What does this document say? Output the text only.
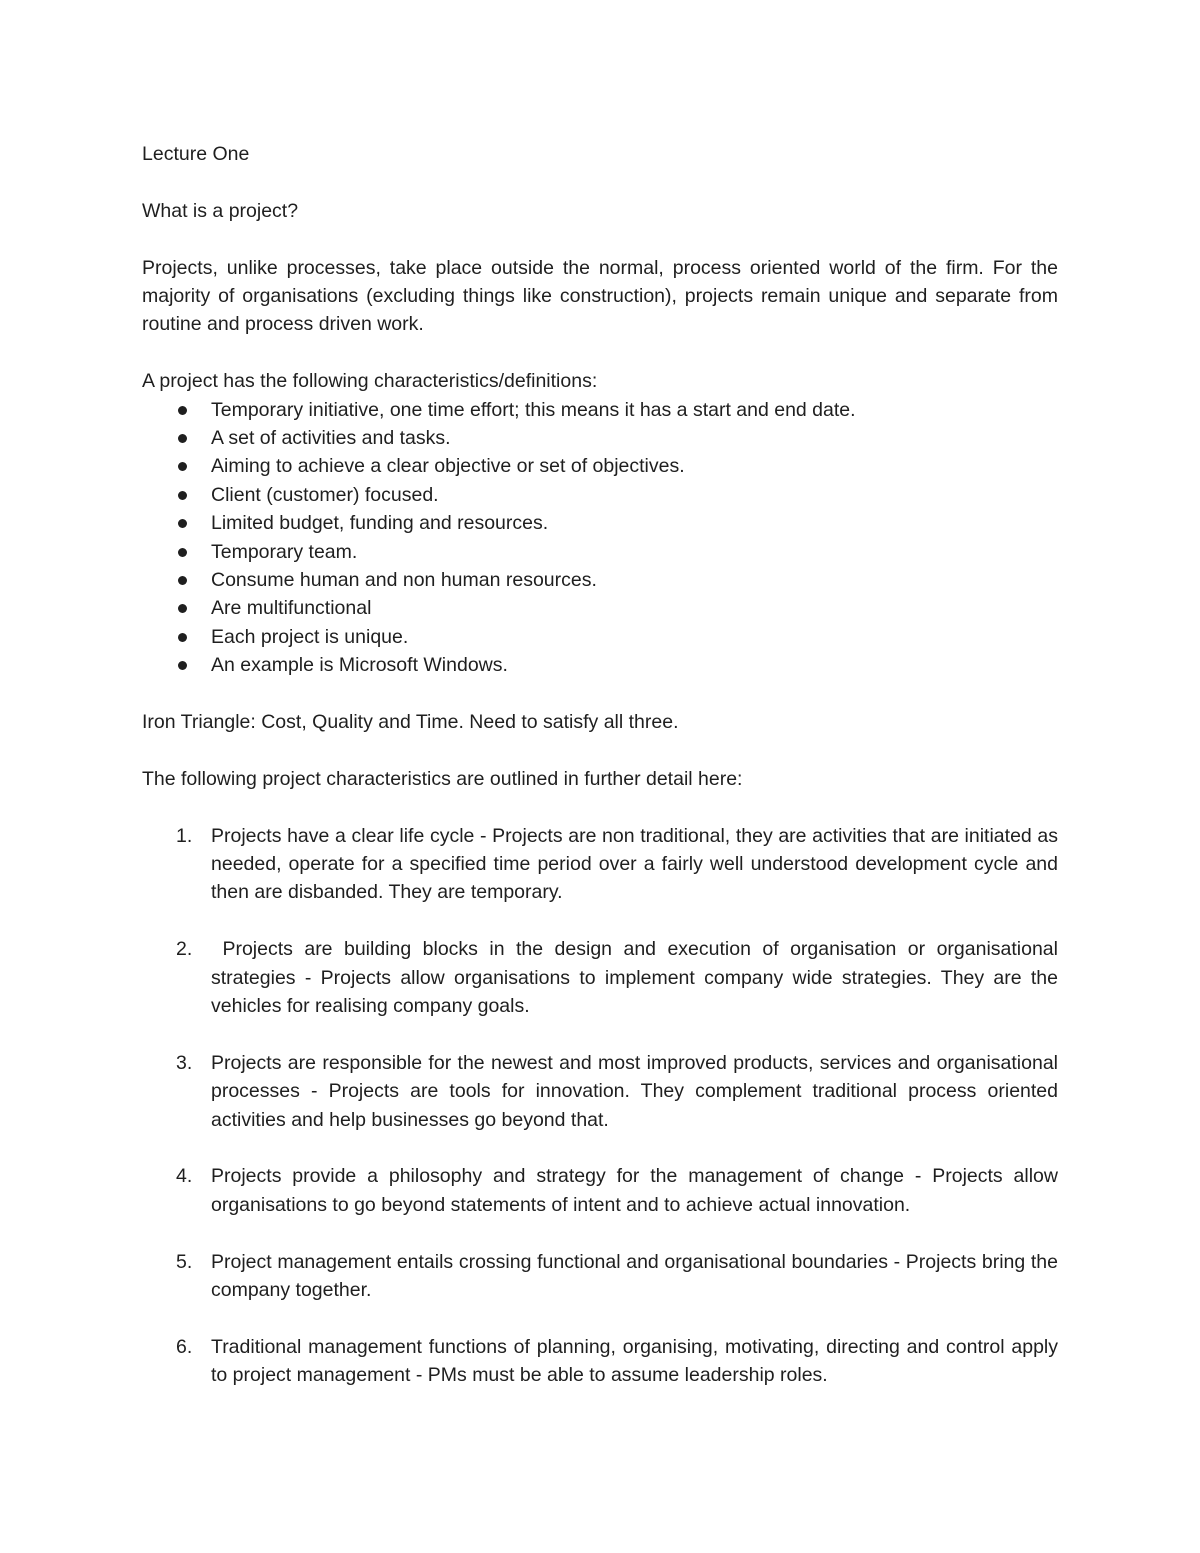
Lecture One

What is a project?

Projects, unlike processes, take place outside the normal, process oriented world of the firm. For the majority of organisations (excluding things like construction), projects remain unique and separate from routine and process driven work.

A project has the following characteristics/definitions:

Temporary initiative, one time effort; this means it has a start and end date.
A set of activities and tasks.
Aiming to achieve a clear objective or set of objectives.
Client (customer) focused.
Limited budget, funding and resources.
Temporary team.
Consume human and non human resources.
Are multifunctional
Each project is unique.
An example is Microsoft Windows.

Iron Triangle: Cost, Quality and Time. Need to satisfy all three.

The following project characteristics are outlined in further detail here:

1. Projects have a clear life cycle - Projects are non traditional, they are activities that are initiated as needed, operate for a specified time period over a fairly well understood development cycle and then are disbanded. They are temporary.
2. Projects are building blocks in the design and execution of organisation or organisational strategies - Projects allow organisations to implement company wide strategies. They are the vehicles for realising company goals.
3. Projects are responsible for the newest and most improved products, services and organisational processes - Projects are tools for innovation. They complement traditional process oriented activities and help businesses go beyond that.
4. Projects provide a philosophy and strategy for the management of change - Projects allow organisations to go beyond statements of intent and to achieve actual innovation.
5. Project management entails crossing functional and organisational boundaries - Projects bring the company together.
6. Traditional management functions of planning, organising, motivating, directing and control apply to project management - PMs must be able to assume leadership roles.
